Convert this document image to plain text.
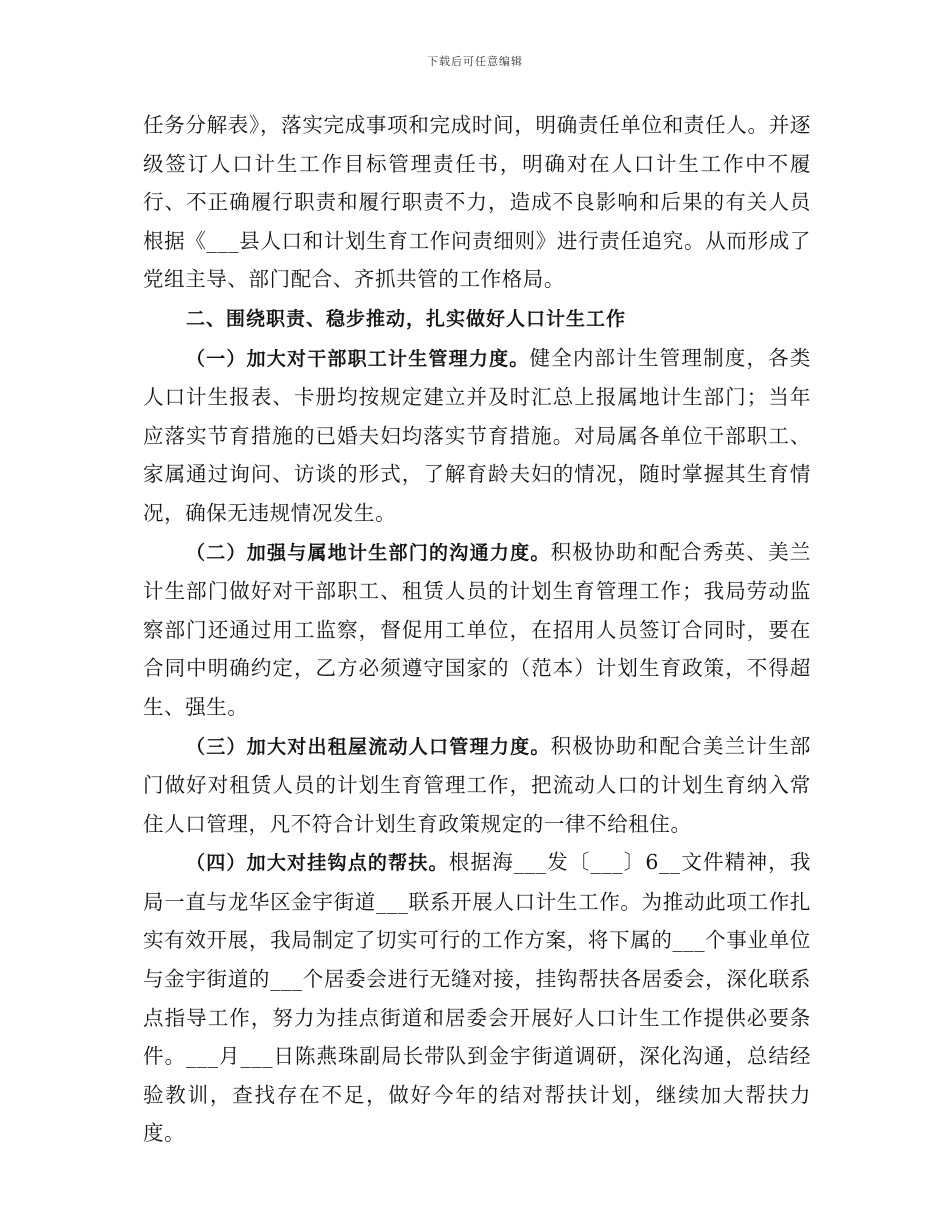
下载后可任意编辑

任务分解表》，落实完成事项和完成时间，明确责任单位和责任人。并逐级签订人口计生工作目标管理责任书，明确对在人口计生工作中不履行、不正确履行职责和履行职责不力，造成不良影响和后果的有关人员根据《___县人口和计划生育工作问责细则》进行责任追究。从而形成了党组主导、部门配合、齐抓共管的工作格局。

二、围绕职责、稳步推动，扎实做好人口计生工作

（一）加大对干部职工计生管理力度。健全内部计生管理制度，各类人口计生报表、卡册均按规定建立并及时汇总上报属地计生部门；当年应落实节育措施的已婚夫妇均落实节育措施。对局属各单位干部职工、家属通过询问、访谈的形式，了解育龄夫妇的情况，随时掌握其生育情况，确保无违规情况发生。

（二）加强与属地计生部门的沟通力度。积极协助和配合秀英、美兰计生部门做好对干部职工、租赁人员的计划生育管理工作；我局劳动监察部门还通过用工监察，督促用工单位，在招用人员签订合同时，要在合同中明确约定，乙方必须遵守国家的（范本）计划生育政策，不得超生、强生。

（三）加大对出租屋流动人口管理力度。积极协助和配合美兰计生部门做好对租赁人员的计划生育管理工作，把流动人口的计划生育纳入常住人口管理，凡不符合计划生育政策规定的一律不给租住。

（四）加大对挂钩点的帮扶。根据海___发〔___〕6__文件精神，我局一直与龙华区金宇街道___联系开展人口计生工作。为推动此项工作扎实有效开展，我局制定了切实可行的工作方案，将下属的___个事业单位与金宇街道的___个居委会进行无缝对接，挂钩帮扶各居委会，深化联系点指导工作，努力为挂点街道和居委会开展好人口计生工作提供必要条件。___月___日陈燕珠副局长带队到金宇街道调研，深化沟通，总结经验教训，查找存在不足，做好今年的结对帮扶计划，继续加大帮扶力度。
